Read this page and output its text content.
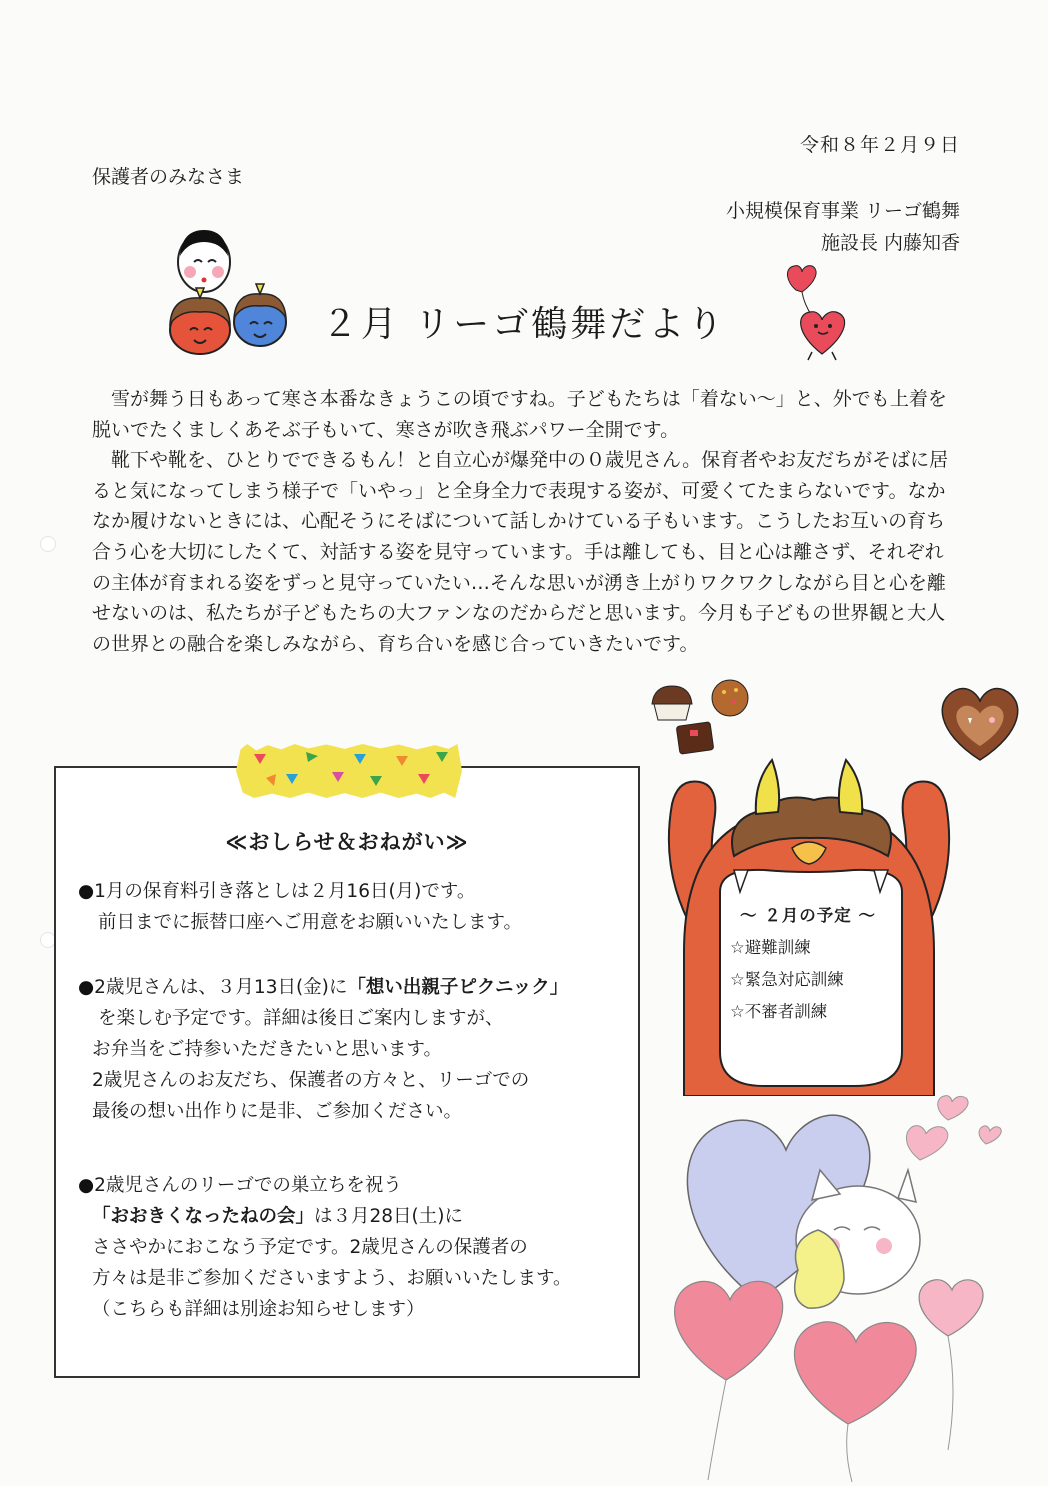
令和８年２月９日
保護者のみなさま
小規模保育事業 リーゴ鶴舞
施設長 内藤知香
２月 リーゴ鶴舞だより

雪が舞う日もあって寒さ本番なきょうこの頃ですね。子どもたちは「着ない～」と、外でも上着を脱いでたくましくあそぶ子もいて、寒さが吹き飛ぶパワー全開です。

靴下や靴を、ひとりでできるもん！と自立心が爆発中の０歳児さん。保育者やお友だちがそばに居ると気になってしまう様子で「いやっ」と全身全力で表現する姿が、可愛くてたまらないです。なかなか履けないときには、心配そうにそばについて話しかけている子もいます。こうしたお互いの育ち合う心を大切にしたくて、対話する姿を見守っています。手は離しても、目と心は離さず、それぞれの主体が育まれる姿をずっと見守っていたい…そんな思いが湧き上がりワクワクしながら目と心を離せないのは、私たちが子どもたちの大ファンなのだからだと思います。今月も子どもの世界観と大人の世界との融合を楽しみながら、育ち合いを感じ合っていきたいです。

≪おしらせ＆おねがい≫
●1月の保育料引き落としは２月16日(月)です。
前日までに振替口座へご用意をお願いいたします。
●2歳児さんは、３月13日(金)に「想い出親子ピクニック」
を楽しむ予定です。詳細は後日ご案内しますが、
お弁当をご持参いただきたいと思います。
2歳児さんのお友だち、保護者の方々と、リーゴでの
最後の想い出作りに是非、ご参加ください。
●2歳児さんのリーゴでの巣立ちを祝う
「おおきくなったねの会」は３月28日(土)に
ささやかにおこなう予定です。2歳児さんの保護者の
方々は是非ご参加くださいますよう、お願いいたします。
（こちらも詳細は別途お知らせします）
～ ２月の予定 ～
☆避難訓練
☆緊急対応訓練
☆不審者訓練
